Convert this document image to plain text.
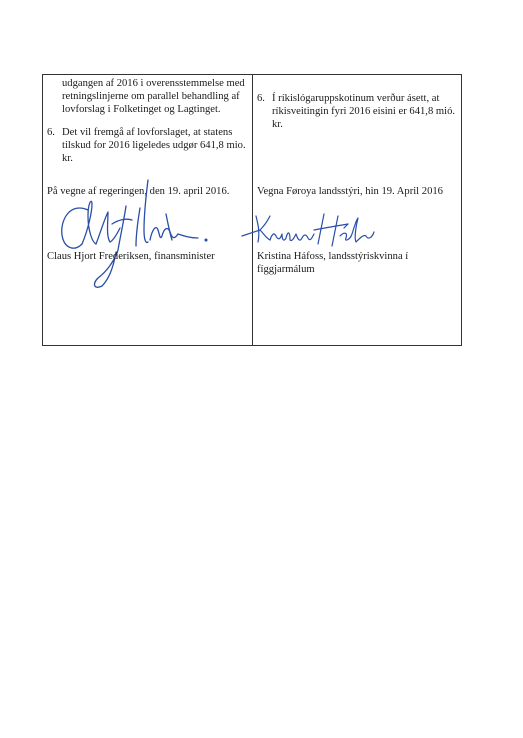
udgangen af 2016 i overensstemmelse med retningslinjerne om parallel behandling af lovforslag i Folketinget og Lagtinget.
6. Det vil fremgå af lovforslaget, at statens tilskud for 2016 ligeledes udgør 641,8 mio. kr.
På vegne af regeringen, den 19. april 2016.
Claus Hjort Frederiksen, finansminister
6. Í ríkislógaruppskotinum verður ásett, at ríkisveitingin fyri 2016 eisini er 641,8 mió. kr.
Vegna Føroya landsstýri, hin 19. April 2016
Kristina Háfoss, landsstýriskvinna í fíggjarmálum
